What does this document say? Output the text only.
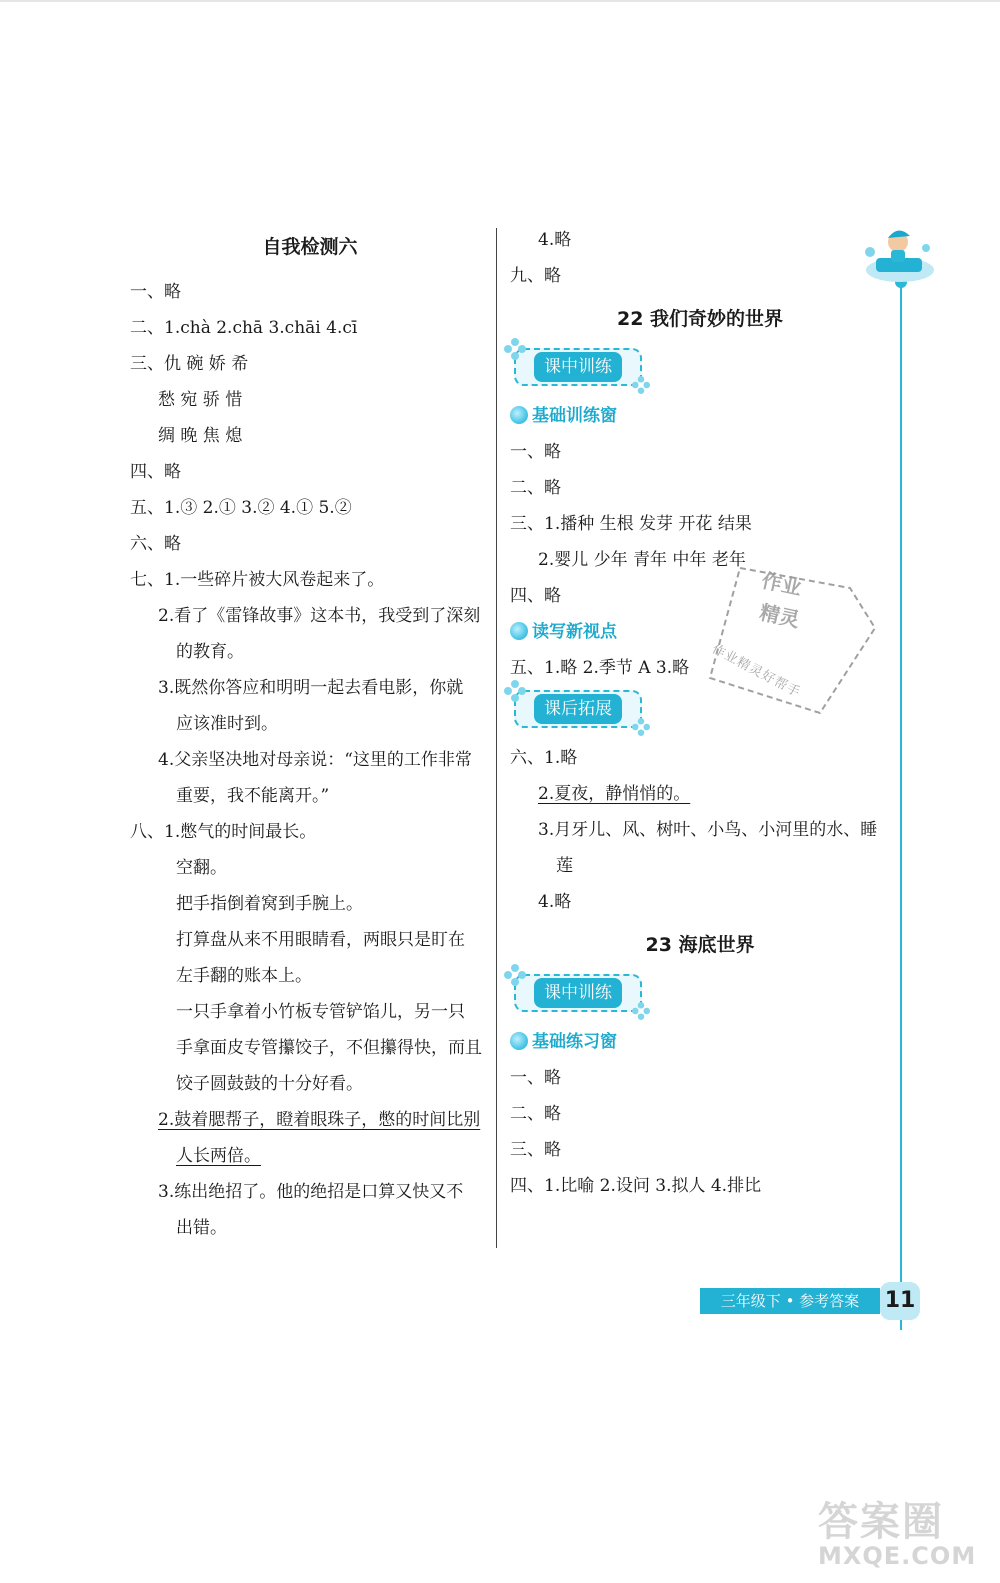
自我检测六
一、略
二、1.chà 2.chā 3.chāi 4.cī
三、仇 碗 娇 希
愁 宛 骄 惜
绸 晚 焦 熄
四、略
五、1.③ 2.① 3.② 4.① 5.②
六、略
七、1.一些碎片被大风卷起来了。
2.看了《雷锋故事》这本书，我受到了深刻
的教育。
3.既然你答应和明明一起去看电影，你就
应该准时到。
4.父亲坚决地对母亲说：“这里的工作非常
重要，我不能离开。”
八、1.憋气的时间最长。
空翻。
把手指倒着窝到手腕上。
打算盘从来不用眼睛看，两眼只是盯在
左手翻的账本上。
一只手拿着小竹板专管铲馅儿，另一只
手拿面皮专管攥饺子，不但攥得快，而且
饺子圆鼓鼓的十分好看。
2.鼓着腮帮子，瞪着眼珠子，憋的时间比别
人长两倍。
3.练出绝招了。他的绝招是口算又快又不
出错。
4.略
九、略
22 我们奇妙的世界
课中训练
基础训练窗
一、略
二、略
三、1.播种 生根 发芽 开花 结果
2.婴儿 少年 青年 中年 老年
四、略
读写新视点
五、1.略 2.季节 A 3.略
课后拓展
六、1.略
2.夏夜，静悄悄的。
3.月牙儿、风、树叶、小鸟、小河里的水、睡
莲
4.略
23 海底世界
课中训练
基础练习窗
一、略
二、略
三、略
四、1.比喻 2.设问 3.拟人 4.排比
作业
精灵
作业精灵好帮手
三年级下 • 参考答案	11
答案圈
MXQE.COM
